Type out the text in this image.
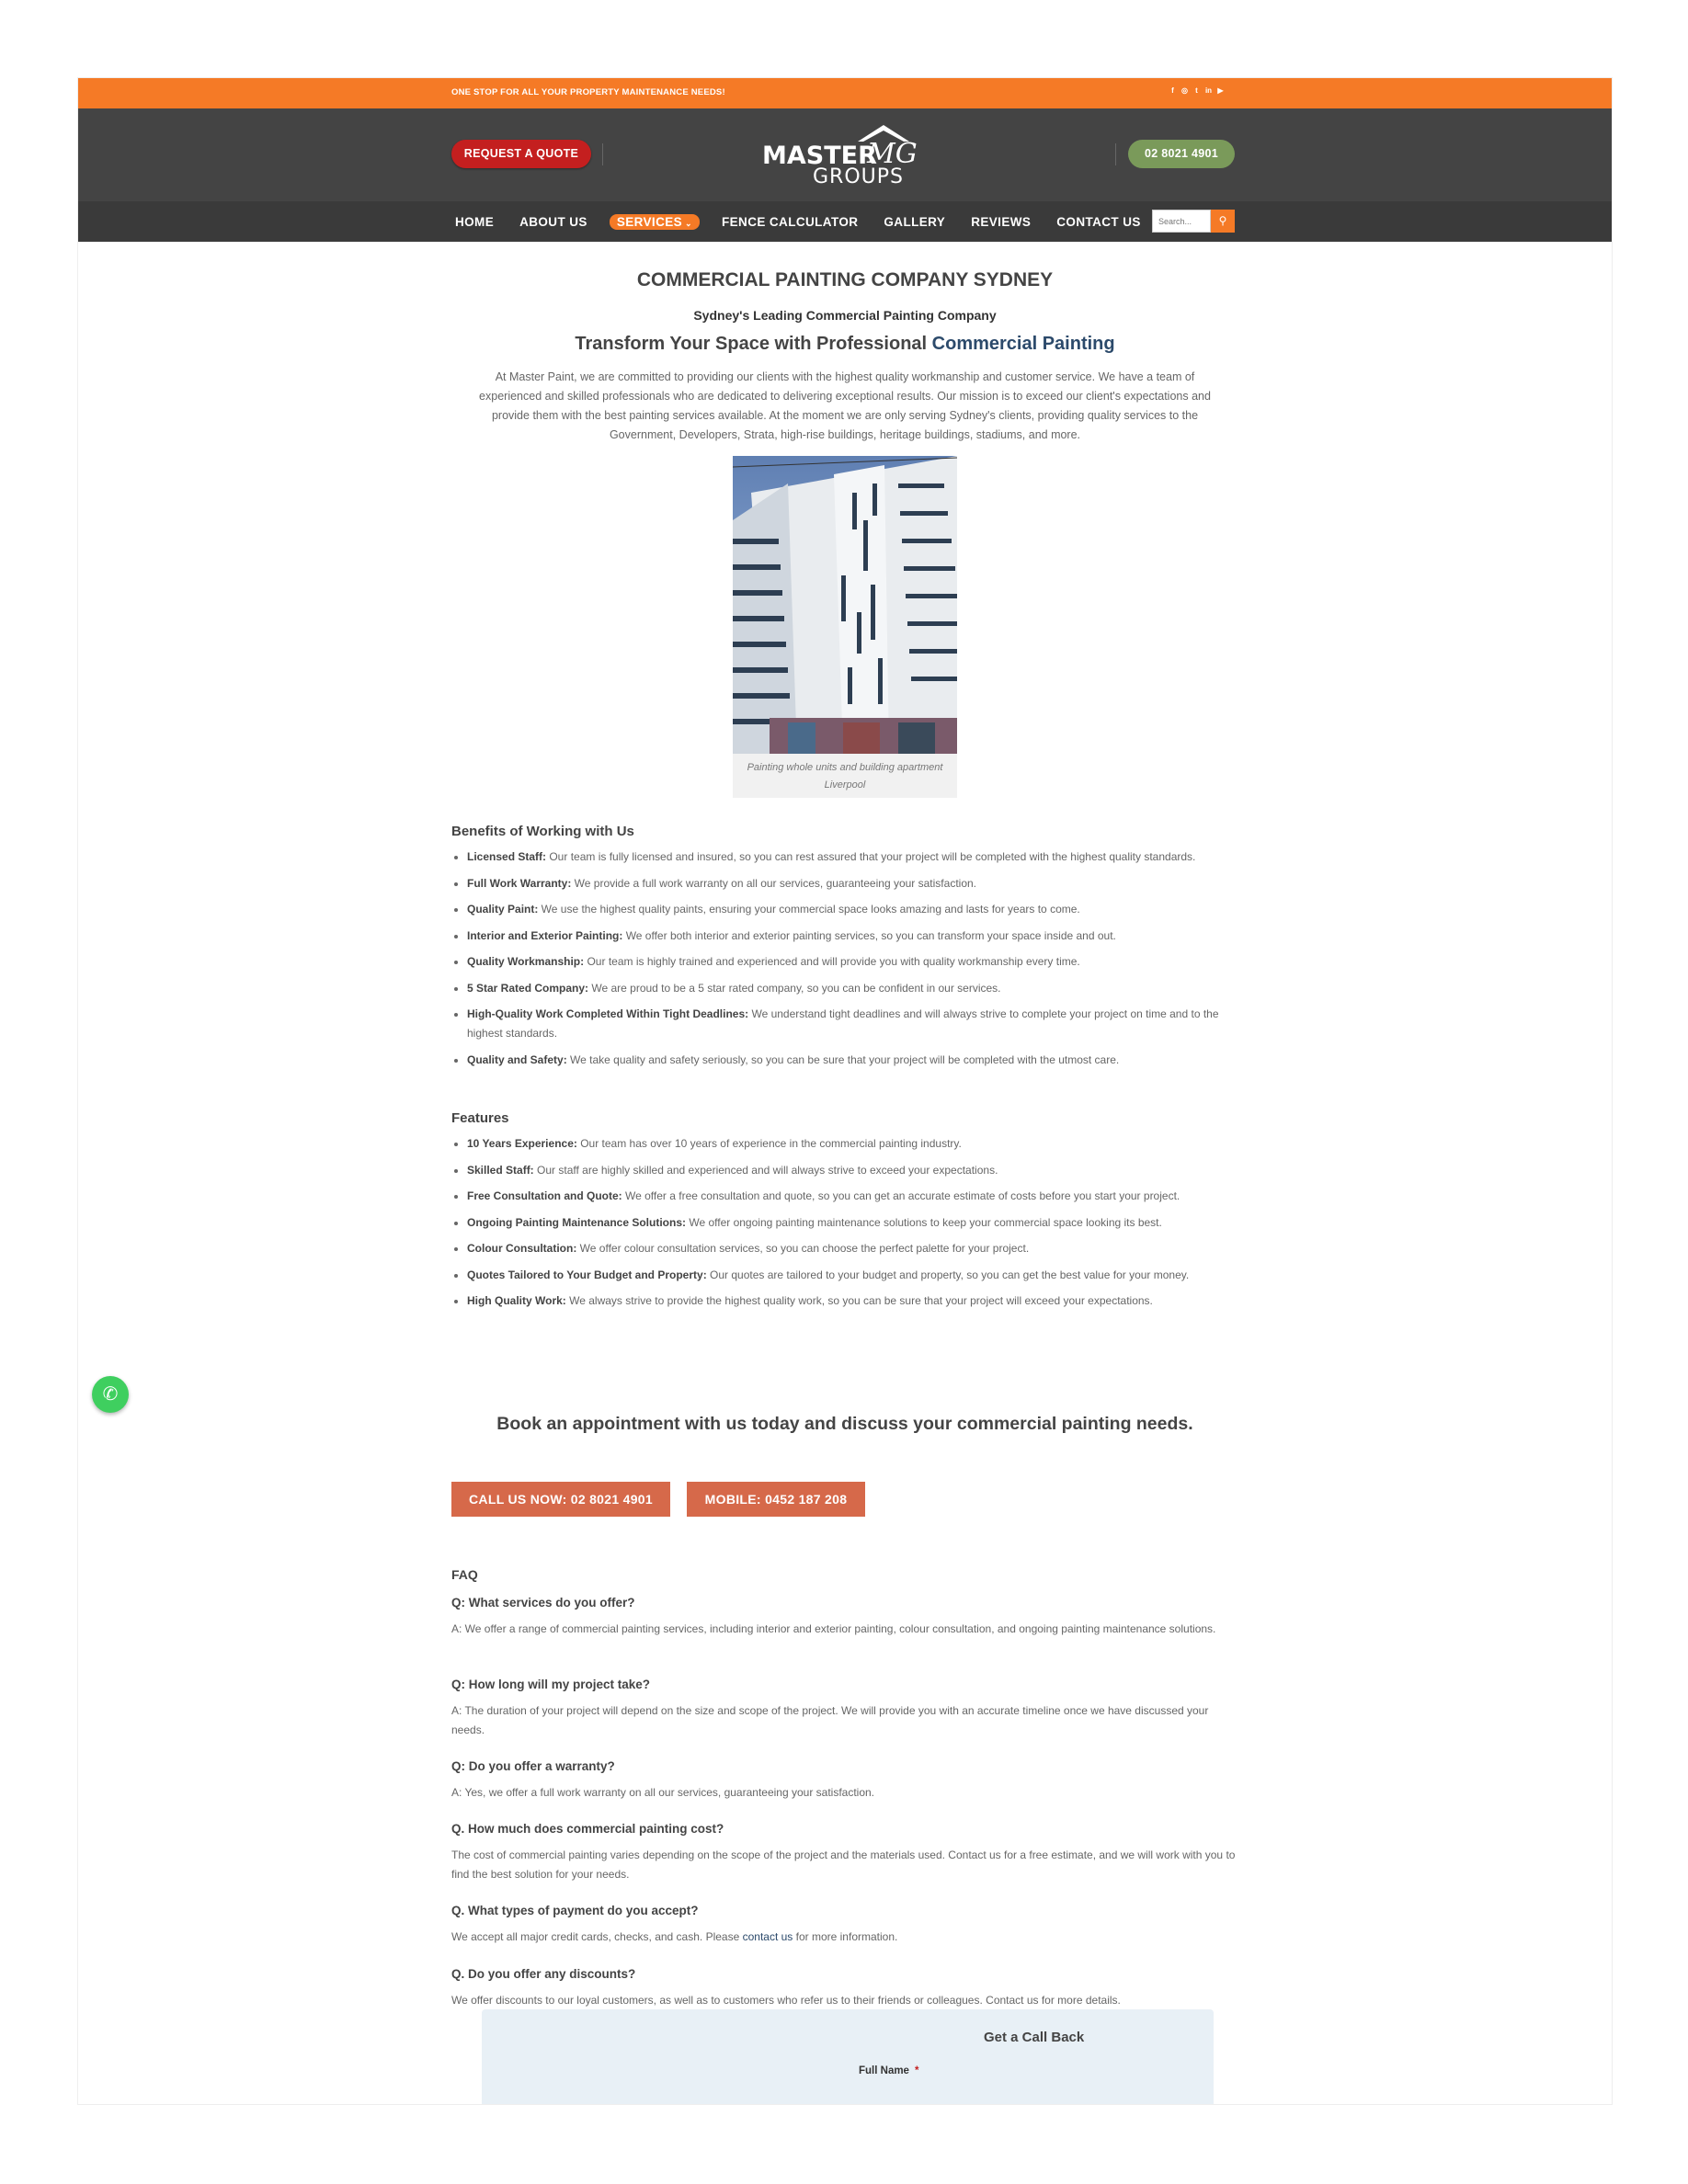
ONE STOP FOR ALL YOUR PROPERTY MAINTENANCE NEEDS!	f	◎	t	in ▶
REQUEST A QUOTE	MASTER
MG
GROUPS
02 8021 4901
HOME ABOUT US	SERVICES ⌄	FENCE CALCULATOR GALLERY REVIEWS CONTACT US
Search...	⚲
COMMERCIAL PAINTING COMPANY SYDNEY
Sydney's Leading Commercial Painting Company
Transform Your Space with Professional Commercial Painting
At Master Paint, we are committed to providing our clients with the highest quality workmanship and customer service. We have a team of experienced and skilled professionals who are dedicated to delivering exceptional results. Our mission is to exceed our client's expectations and provide them with the best painting services available. At the moment we are only serving Sydney's clients, providing quality services to the Government, Developers, Strata, high-rise buildings, heritage buildings, stadiums, and more.
Painting whole units and building apartment Liverpool
Benefits of Working with Us
• Licensed Staff: Our team is fully licensed and insured, so you can rest assured that your project will be completed with the highest quality standards.
• Full Work Warranty: We provide a full work warranty on all our services, guaranteeing your satisfaction.
• Quality Paint: We use the highest quality paints, ensuring your commercial space looks amazing and lasts for years to come.
• Interior and Exterior Painting: We offer both interior and exterior painting services, so you can transform your space inside and out.
• Quality Workmanship: Our team is highly trained and experienced and will provide you with quality workmanship every time.
• 5 Star Rated Company: We are proud to be a 5 star rated company, so you can be confident in our services.
• High-Quality Work Completed Within Tight Deadlines: We understand tight deadlines and will always strive to complete your project on time and to the highest standards.
• Quality and Safety: We take quality and safety seriously, so you can be sure that your project will be completed with the utmost care.
Features
• 10 Years Experience: Our team has over 10 years of experience in the commercial painting industry.
• Skilled Staff: Our staff are highly skilled and experienced and will always strive to exceed your expectations.
• Free Consultation and Quote: We offer a free consultation and quote, so you can get an accurate estimate of costs before you start your project.
• Ongoing Painting Maintenance Solutions: We offer ongoing painting maintenance solutions to keep your commercial space looking its best.
• Colour Consultation: We offer colour consultation services, so you can choose the perfect palette for your project.
• Quotes Tailored to Your Budget and Property: Our quotes are tailored to your budget and property, so you can get the best value for your money.
• High Quality Work: We always strive to provide the highest quality work, so you can be sure that your project will exceed your expectations.
Book an appointment with us today and discuss your commercial painting needs.
CALL US NOW: 02 8021 4901	MOBILE: 0452 187 208
FAQ
Q: What services do you offer?
A: We offer a range of commercial painting services, including interior and exterior painting, colour consultation, and ongoing painting maintenance solutions.
Q: How long will my project take?
A: The duration of your project will depend on the size and scope of the project. We will provide you with an accurate timeline once we have discussed your needs.
Q: Do you offer a warranty?
A: Yes, we offer a full work warranty on all our services, guaranteeing your satisfaction.
Q. How much does commercial painting cost?
The cost of commercial painting varies depending on the scope of the project and the materials used. Contact us for a free estimate, and we will work with you to find the best solution for your needs.
Q. What types of payment do you accept?
We accept all major credit cards, checks, and cash. Please contact us for more information.
Q. Do you offer any discounts?
We offer discounts to our loyal customers, as well as to customers who refer us to their friends or colleagues. Contact us for more details.
Get a Call Back
Full Name *
✆
